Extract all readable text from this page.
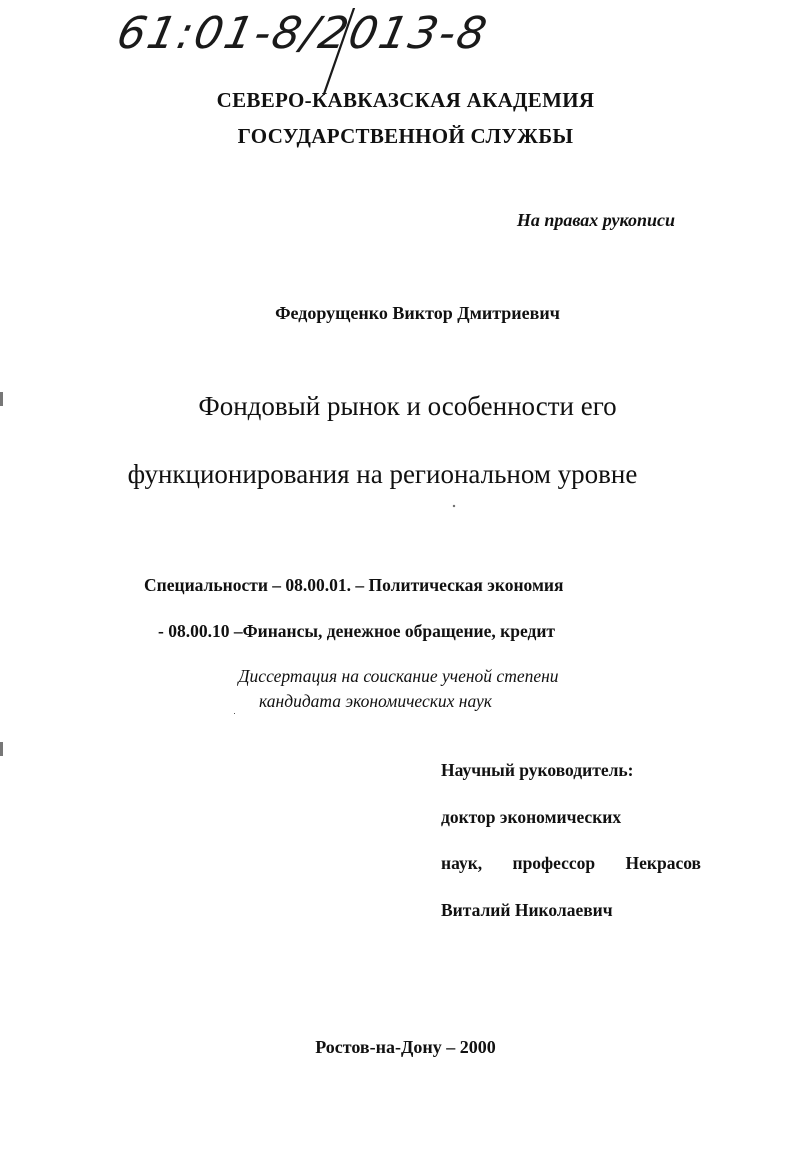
61:01-8/2013-8
СЕВЕРО-КАВКАЗСКАЯ АКАДЕМИЯ
ГОСУДАРСТВЕННОЙ СЛУЖБЫ
На правах рукописи
Федорущенко Виктор Дмитриевич
Фондовый рынок и особенности его
функционирования на региональном уровне
Специальности – 08.00.01. – Политическая экономия
- 08.00.10 –Финансы, денежное обращение, кредит
Диссертация на соискание ученой степени
кандидата экономических наук
Научный руководитель:
доктор экономических
наук, профессор Некрасов
Виталий Николаевич
Ростов-на-Дону – 2000
